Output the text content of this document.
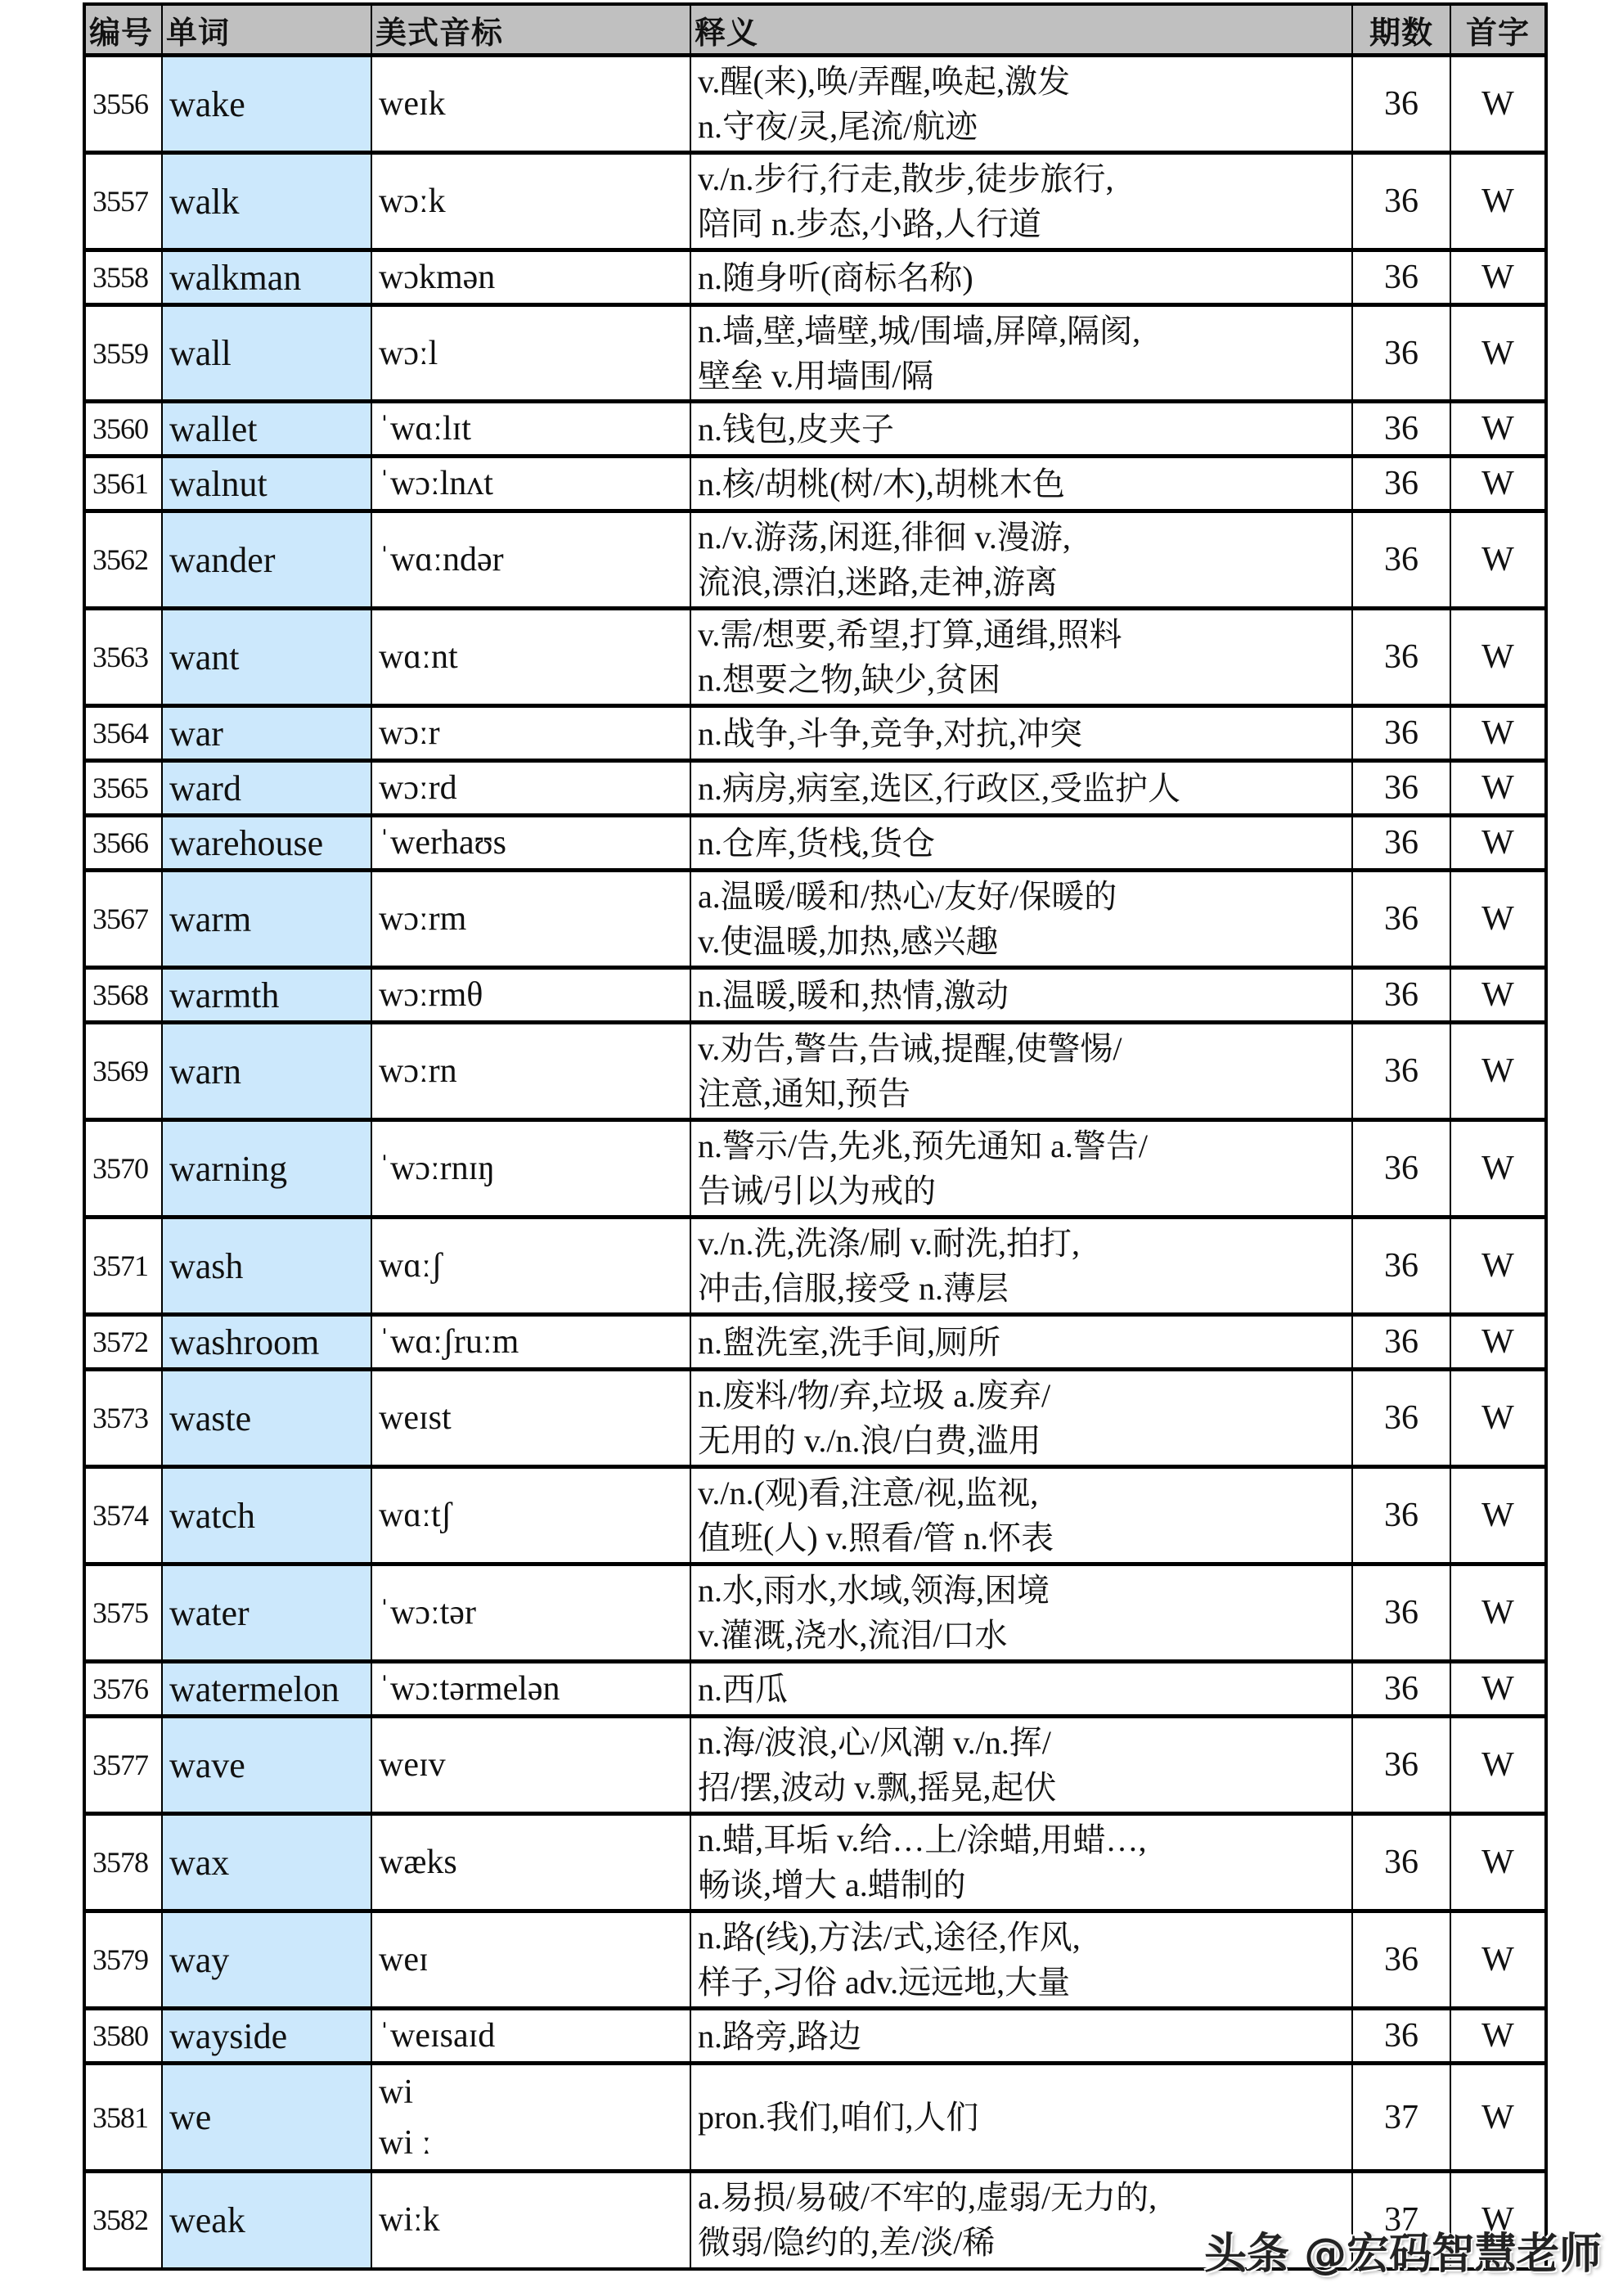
编号	单词	美式音标	释义	期数	首字
3556	wake	weɪk	v.醒(来),唤/弄醒,唤起,激发
n.守夜/灵,尾流/航迹	36	W
3557	walk	wɔːk	v./n.步行,行走,散步,徒步旅行,
陪同 n.步态,小路,人行道	36	W
3558	walkman	wɔkmən	n.随身听(商标名称)	36	W
3559	wall	wɔːl	n.墙,壁,墙壁,城/围墙,屏障,隔阂,
壁垒 v.用墙围/隔	36	W
3560	wallet	ˈwɑːlɪt	n.钱包,皮夹子	36	W
3561	walnut	ˈwɔːlnʌt	n.核/胡桃(树/木),胡桃木色	36	W
3562	wander	ˈwɑːndər	n./v.游荡,闲逛,徘徊 v.漫游,
流浪,漂泊,迷路,走神,游离	36	W
3563	want	wɑːnt	v.需/想要,希望,打算,通缉,照料
n.想要之物,缺少,贫困	36	W
3564	war	wɔːr	n.战争,斗争,竞争,对抗,冲突	36	W
3565	ward	wɔːrd	n.病房,病室,选区,行政区,受监护人	36	W
3566	warehouse	ˈwerhaʊs	n.仓库,货栈,货仓	36	W
3567	warm	wɔːrm	a.温暖/暖和/热心/友好/保暖的
v.使温暖,加热,感兴趣	36	W
3568	warmth	wɔːrmθ	n.温暖,暖和,热情,激动	36	W
3569	warn	wɔːrn	v.劝告,警告,告诫,提醒,使警惕/
注意,通知,预告	36	W
3570	warning	ˈwɔːrnɪŋ	n.警示/告,先兆,预先通知 a.警告/
告诫/引以为戒的	36	W
3571	wash	wɑːʃ	v./n.洗,洗涤/刷 v.耐洗,拍打,
冲击,信服,接受 n.薄层	36	W
3572	washroom	ˈwɑːʃruːm	n.盥洗室,洗手间,厕所	36	W
3573	waste	weɪst	n.废料/物/弃,垃圾 a.废弃/
无用的 v./n.浪/白费,滥用	36	W
3574	watch	wɑːtʃ	v./n.(观)看,注意/视,监视,
值班(人) v.照看/管 n.怀表	36	W
3575	water	ˈwɔːtər	n.水,雨水,水域,领海,困境
v.灌溉,浇水,流泪/口水	36	W
3576	watermelon	ˈwɔːtərmelən	n.西瓜	36	W
3577	wave	weɪv	n.海/波浪,心/风潮 v./n.挥/
招/摆,波动 v.飘,摇晃,起伏	36	W
3578	wax	wæks	n.蜡,耳垢 v.给…上/涂蜡,用蜡…,
畅谈,增大 a.蜡制的	36	W
3579	way	weɪ	n.路(线),方法/式,途径,作风,
样子,习俗 adv.远远地,大量	36	W
3580	wayside	ˈweɪsaɪd	n.路旁,路边	36	W
3581	we	wi
wi ː	pron.我们,咱们,人们	37	W
3582	weak	wiːk	a.易损/易破/不牢的,虚弱/无力的,
微弱/隐约的,差/淡/稀	37	W
头条 @宏码智慧老师
